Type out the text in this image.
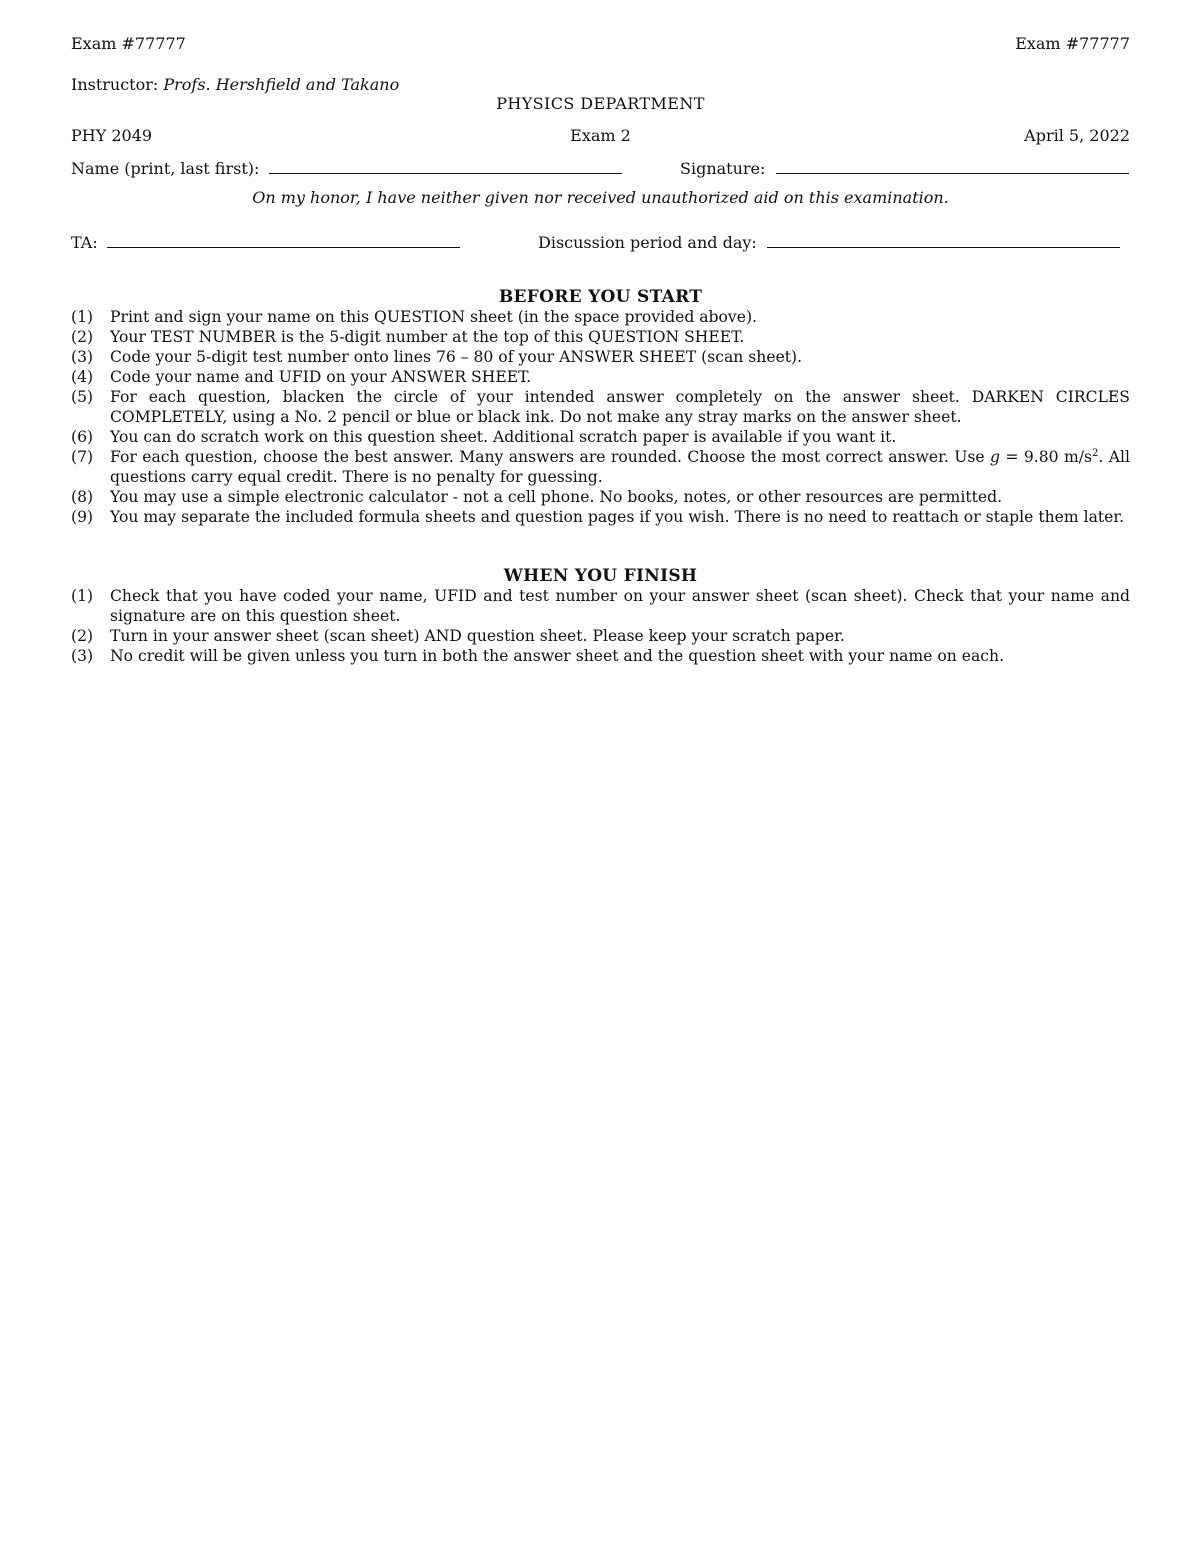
Exam #77777	Exam #77777
Instructor: Profs. Hershfield and Takano
PHYSICS DEPARTMENT
PHY 2049	Exam 2	April 5, 2022
Name (print, last first):	Signature:
On my honor, I have neither given nor received unauthorized aid on this examination.
TA:	Discussion period and day:
BEFORE YOU START
(1) Print and sign your name on this QUESTION sheet (in the space provided above).
(2) Your TEST NUMBER is the 5-digit number at the top of this QUESTION SHEET.
(3) Code your 5-digit test number onto lines 76 – 80 of your ANSWER SHEET (scan sheet).
(4) Code your name and UFID on your ANSWER SHEET.
(5) For each question, blacken the circle of your intended answer completely on the answer sheet. DARKEN CIRCLES COMPLETELY, using a No. 2 pencil or blue or black ink. Do not make any stray marks on the answer sheet.
(6) You can do scratch work on this question sheet. Additional scratch paper is available if you want it.
(7) For each question, choose the best answer. Many answers are rounded. Choose the most correct answer. Use g = 9.80 $m/s^2$. All questions carry equal credit. There is no penalty for guessing.
(8) You may use a simple electronic calculator - not a cell phone. No books, notes, or other resources are permitted.
(9) You may separate the included formula sheets and question pages if you wish. There is no need to reattach or staple them later.
WHEN YOU FINISH
(1) Check that you have coded your name, UFID and test number on your answer sheet (scan sheet). Check that your name and signature are on this question sheet.
(2) Turn in your answer sheet (scan sheet) AND question sheet. Please keep your scratch paper.
(3) No credit will be given unless you turn in both the answer sheet and the question sheet with your name on each.
